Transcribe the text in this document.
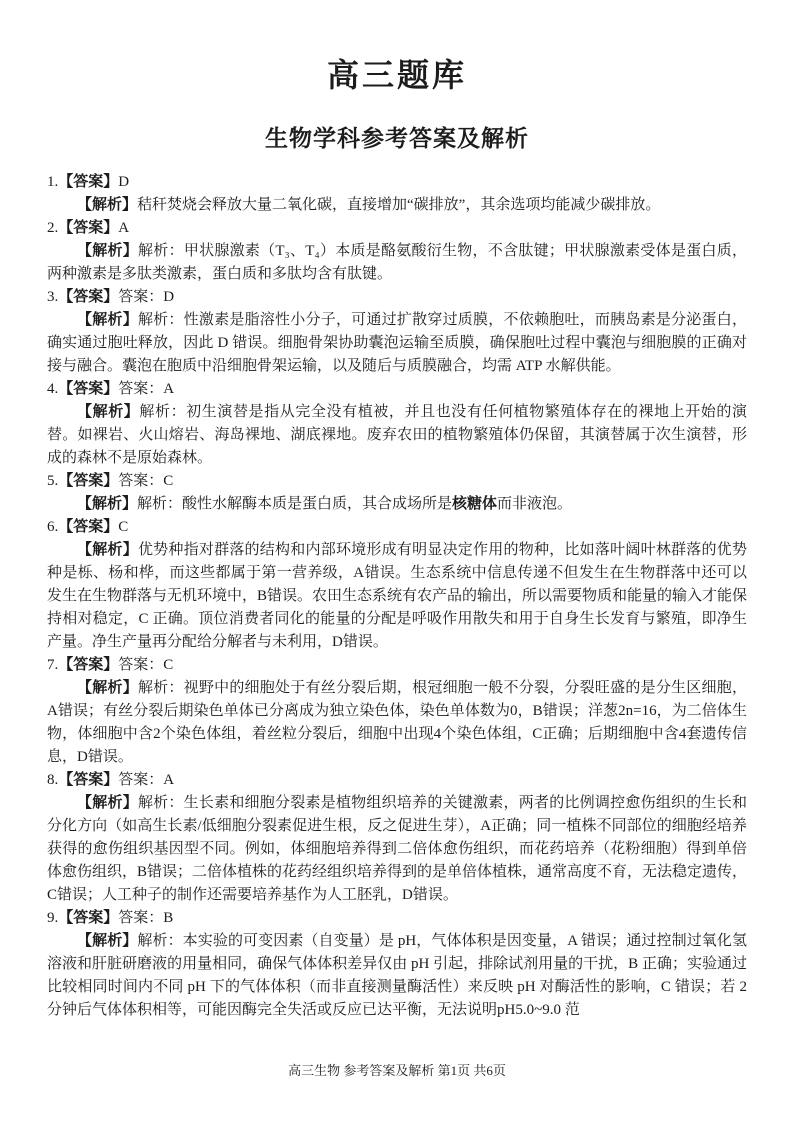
高三题库
生物学科参考答案及解析

1.【答案】D

【解析】秸秆焚烧会释放大量二氧化碳，直接增加“碳排放”，其余选项均能减少碳排放。

2.【答案】A

【解析】解析：甲状腺激素（T₃、T₄）本质是酪氨酸衍生物，不含肽键；甲状腺激素受体是蛋白质，两种激素是多肽类激素，蛋白质和多肽均含有肽键。

3.【答案】答案：D

【解析】解析：性激素是脂溶性小分子，可通过扩散穿过质膜，不依赖胞吐，而胰岛素是分泌蛋白，确实通过胞吐释放，因此 D 错误。细胞骨架协助囊泡运输至质膜，确保胞吐过程中囊泡与细胞膜的正确对接与融合。囊泡在胞质中沿细胞骨架运输，以及随后与质膜融合，均需 ATP 水解供能。

4.【答案】答案：A

【解析】解析：初生演替是指从完全没有植被，并且也没有任何植物繁殖体存在的裸地上开始的演替。如裸岩、火山熔岩、海岛裸地、湖底裸地。废弃农田的植物繁殖体仍保留，其演替属于次生演替，形成的森林不是原始森林。

5.【答案】答案：C

【解析】解析：酸性水解酶本质是蛋白质，其合成场所是核糖体而非液泡。

6.【答案】C

【解析】优势种指对群落的结构和内部环境形成有明显决定作用的物种，比如落叶阔叶林群落的优势种是栎、杨和桦，而这些都属于第一营养级，A错误。生态系统中信息传递不但发生在生物群落中还可以发生在生物群落与无机环境中，B错误。农田生态系统有农产品的输出，所以需要物质和能量的输入才能保持相对稳定，C 正确。顶位消费者同化的能量的分配是呼吸作用散失和用于自身生长发育与繁殖，即净生产量。净生产量再分配给分解者与未利用，D错误。

7.【答案】答案：C

【解析】解析：视野中的细胞处于有丝分裂后期，根冠细胞一般不分裂，分裂旺盛的是分生区细胞，A错误；有丝分裂后期染色单体已分离成为独立染色体，染色单体数为0，B错误；洋葱2n=16，为二倍体生物，体细胞中含2个染色体组，着丝粒分裂后，细胞中出现4个染色体组，C正确；后期细胞中含4套遗传信息，D错误。

8.【答案】答案：A

【解析】解析：生长素和细胞分裂素是植物组织培养的关键激素，两者的比例调控愈伤组织的生长和分化方向（如高生长素/低细胞分裂素促进生根，反之促进生芽），A正确；同一植株不同部位的细胞经培养获得的愈伤组织基因型不同。例如，体细胞培养得到二倍体愈伤组织，而花药培养（花粉细胞）得到单倍体愈伤组织，B错误；二倍体植株的花药经组织培养得到的是单倍体植株，通常高度不育，无法稳定遗传，C错误；人工种子的制作还需要培养基作为人工胚乳，D错误。

9.【答案】答案：B

【解析】解析：本实验的可变因素（自变量）是 pH，气体体积是因变量，A 错误；通过控制过氧化氢溶液和肝脏研磨液的用量相同，确保气体体积差异仅由 pH 引起，排除试剂用量的干扰，B 正确；实验通过比较相同时间内不同 pH 下的气体体积（而非直接测量酶活性）来反映 pH 对酶活性的影响，C 错误；若 2 分钟后气体体积相等，可能因酶完全失活或反应已达平衡，无法说明pH5.0~9.0 范

高三生物 参考答案及解析 第1页 共6页
